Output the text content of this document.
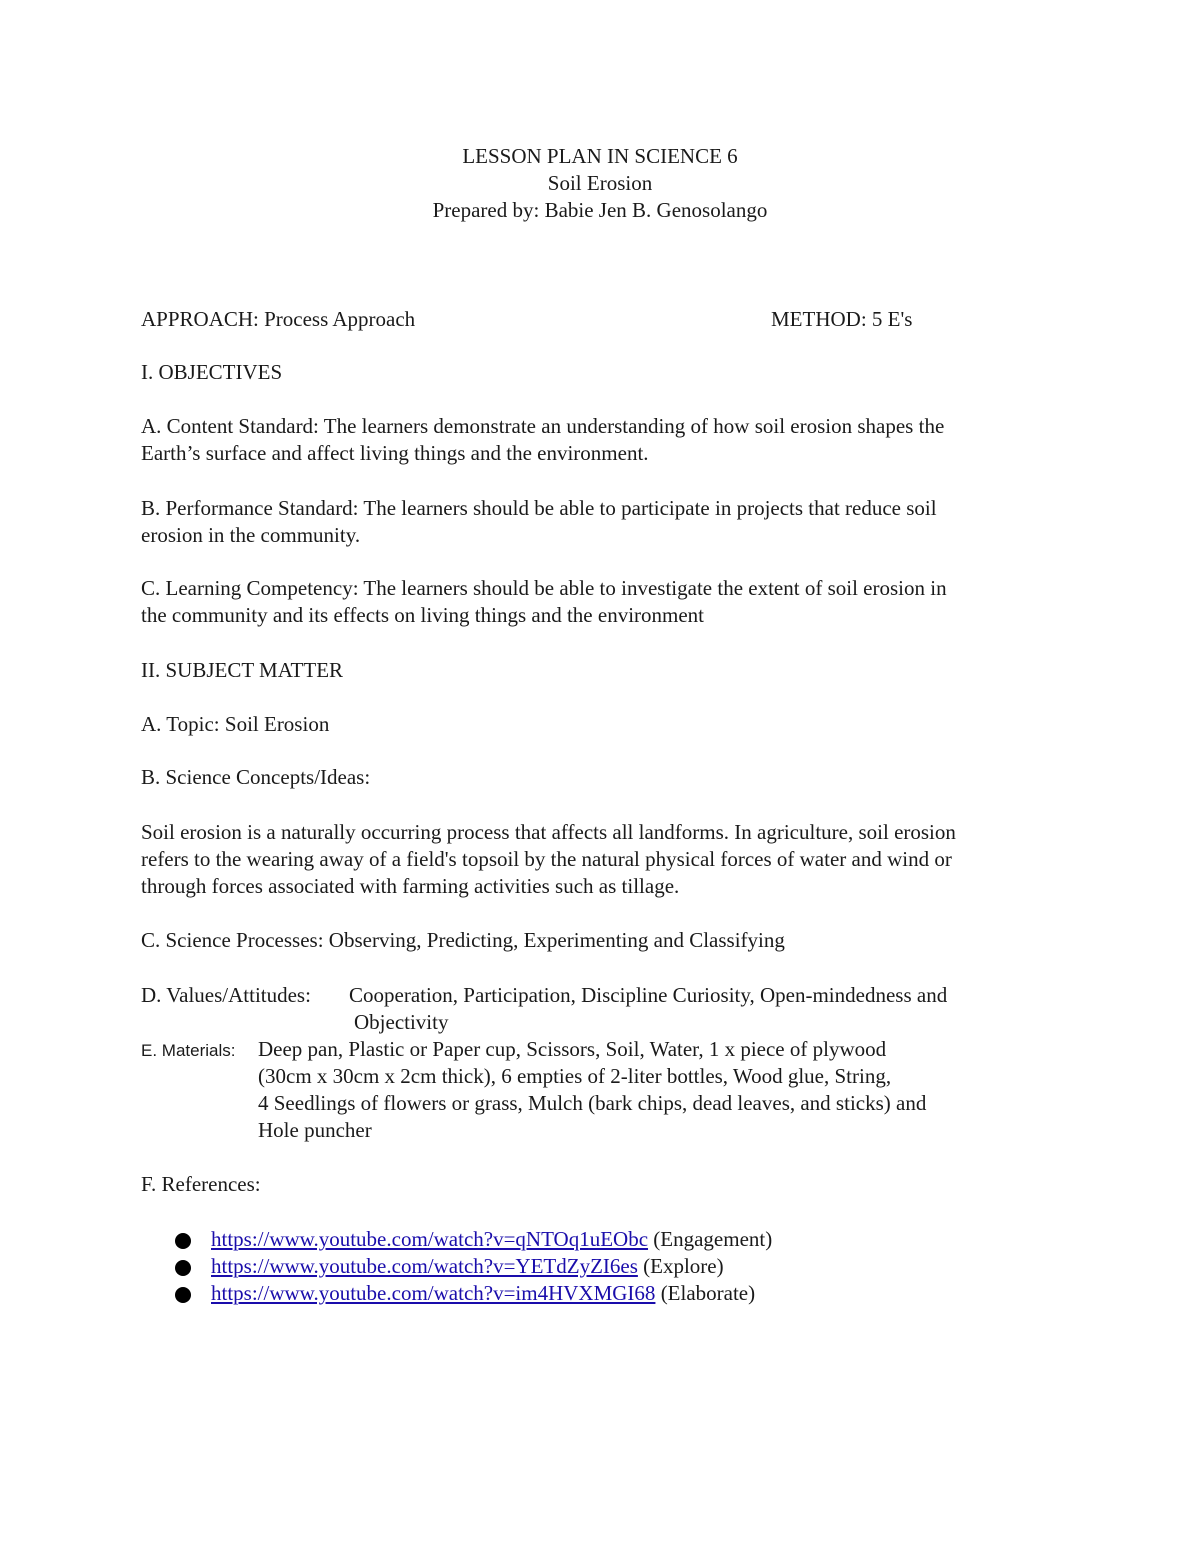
LESSON PLAN IN SCIENCE 6
Soil Erosion
Prepared by: Babie Jen B. Genosolango
APPROACH: Process Approach	METHOD: 5 E's
I. OBJECTIVES
A. Content Standard: The learners demonstrate an understanding of how soil erosion shapes the
Earth’s surface and affect living things and the environment.
B. Performance Standard: The learners should be able to participate in projects that reduce soil
erosion in the community.
C. Learning Competency: The learners should be able to investigate the extent of soil erosion in
the community and its effects on living things and the environment
II. SUBJECT MATTER
A. Topic: Soil Erosion
B. Science Concepts/Ideas:
Soil erosion is a naturally occurring process that affects all landforms. In agriculture, soil erosion
refers to the wearing away of a field's topsoil by the natural physical forces of water and wind or
through forces associated with farming activities such as tillage.
C. Science Processes: Observing, Predicting, Experimenting and Classifying
D. Values/Attitudes: Cooperation, Participation, Discipline Curiosity, Open-mindedness and
Objectivity
E. Materials: Deep pan, Plastic or Paper cup, Scissors, Soil, Water, 1 x piece of plywood
(30cm x 30cm x 2cm thick), 6 empties of 2-liter bottles, Wood glue, String,
4 Seedlings of flowers or grass, Mulch (bark chips, dead leaves, and sticks) and
Hole puncher
F. References:
https://www.youtube.com/watch?v=qNTOq1uEObc (Engagement)
https://www.youtube.com/watch?v=YETdZyZI6es (Explore)
https://www.youtube.com/watch?v=im4HVXMGI68 (Elaborate)
